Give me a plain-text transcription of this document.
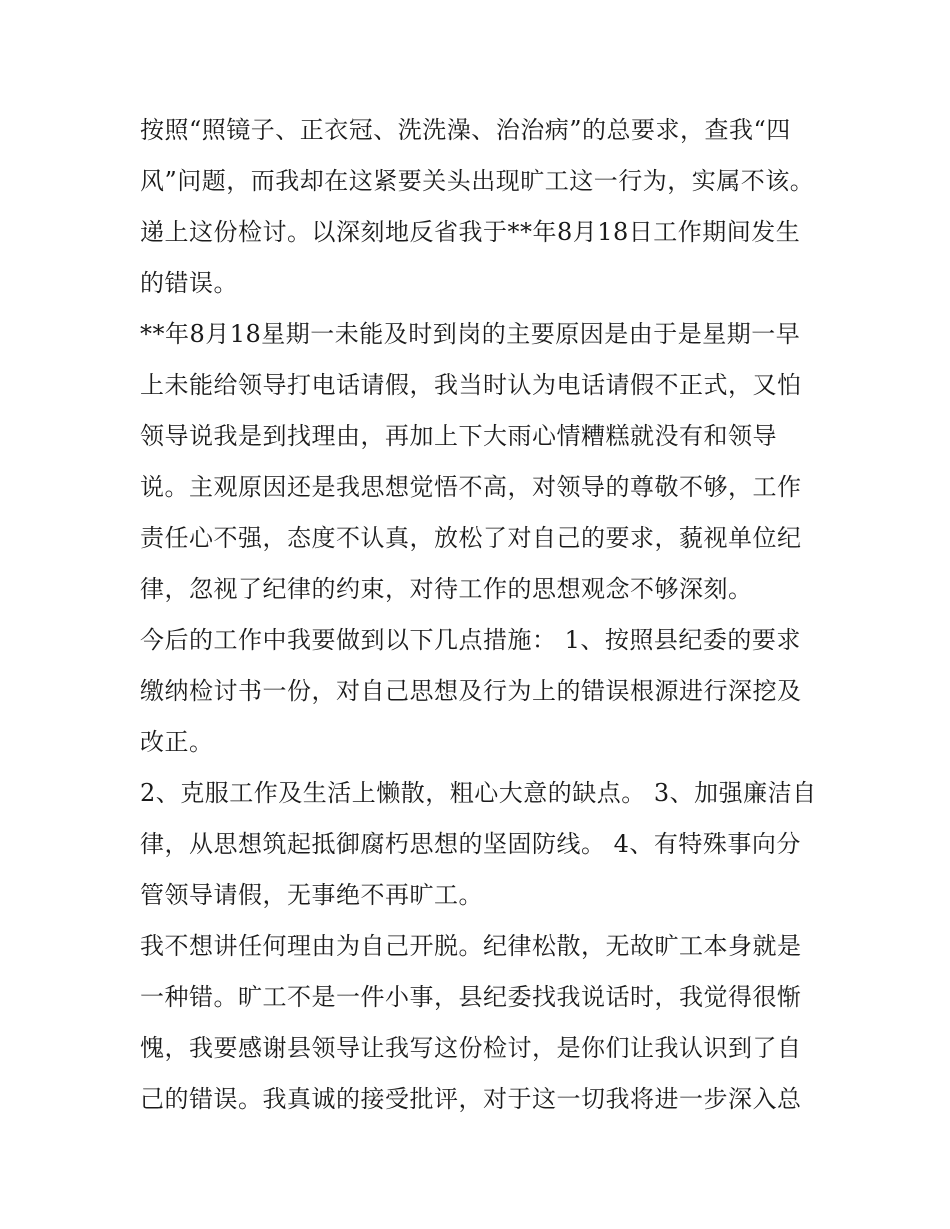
按照“照镜子、正衣冠、洗洗澡、治治病”的总要求，查我“四风”问题，而我却在这紧要关头出现旷工这一行为，实属不该。递上这份检讨。以深刻地反省我于**年8月18日工作期间发生的错误。

**年8月18星期一未能及时到岗的主要原因是由于是星期一早上未能给领导打电话请假，我当时认为电话请假不正式，又怕领导说我是到找理由，再加上下大雨心情糟糕就没有和领导说。主观原因还是我思想觉悟不高，对领导的尊敬不够，工作责任心不强，态度不认真，放松了对自己的要求，藐视单位纪律，忽视了纪律的约束，对待工作的思想观念不够深刻。

今后的工作中我要做到以下几点措施： 1、按照县纪委的要求缴纳检讨书一份，对自己思想及行为上的错误根源进行深挖及改正。

2、克服工作及生活上懒散，粗心大意的缺点。 3、加强廉洁自律，从思想筑起抵御腐朽思想的坚固防线。 4、有特殊事向分管领导请假，无事绝不再旷工。

我不想讲任何理由为自己开脱。纪律松散，无故旷工本身就是一种错。旷工不是一件小事，县纪委找我说话时，我觉得很惭愧，我要感谢县领导让我写这份检讨，是你们让我认识到了自己的错误。我真诚的接受批评，对于这一切我将进一步深入总
